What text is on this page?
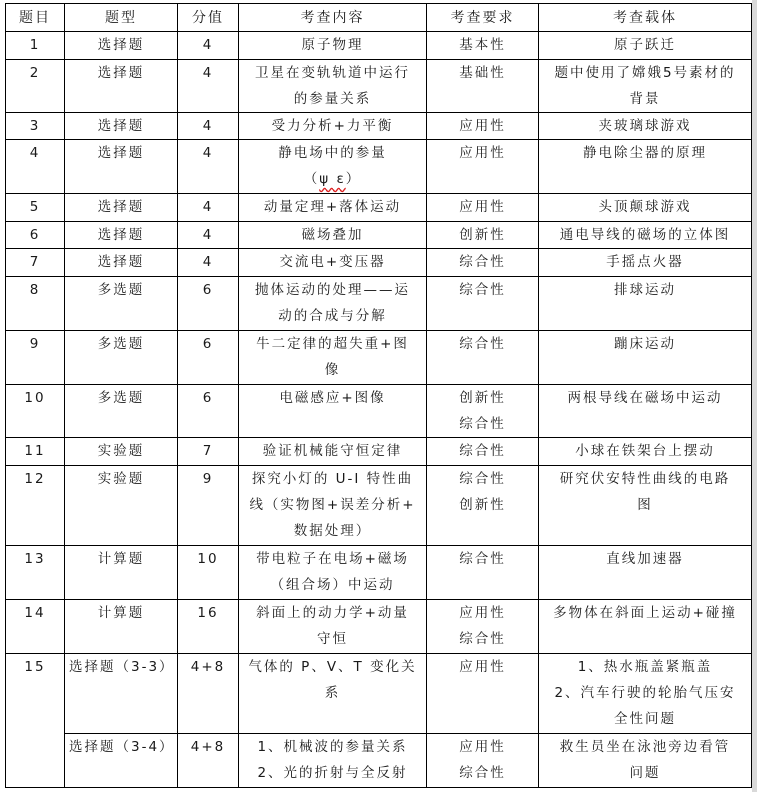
题目	题型	分值	考查内容	考查要求	考查载体
1	选择题	4	原子物理	基本性	原子跃迁

2	选择题	4	卫星在变轨轨道中运行
的参量关系	基础性	题中使用了嫦娥5号素材的
背景

3	选择题	4	受力分析+力平衡	应用性	夹玻璃球游戏

4	选择题	4	静电场中的参量
（ψ ε）	应用性	静电除尘器的原理

5	选择题	4	动量定理+落体运动	应用性	头顶颠球游戏

6	选择题	4	磁场叠加	创新性	通电导线的磁场的立体图

7	选择题	4	交流电+变压器	综合性	手摇点火器

8	多选题	6	抛体运动的处理——运
动的合成与分解	综合性	排球运动

9	多选题	6	牛二定律的超失重+图
像	综合性	蹦床运动

10	多选题	6	电磁感应+图像	创新性
综合性	两根导线在磁场中运动

11	实验题	7	验证机械能守恒定律	综合性	小球在铁架台上摆动

12	实验题	9	探究小灯的 U-I 特性曲
线（实物图+误差分析+
数据处理）	综合性
创新性	研究伏安特性曲线的电路
图

13	计算题	10	带电粒子在电场+磁场
（组合场）中运动	综合性	直线加速器

14	计算题	16	斜面上的动力学+动量
守恒	应用性
综合性	多物体在斜面上运动+碰撞

15	选择题（3-3）	4+8	气体的 P、V、T 变化关
系	应用性	1、热水瓶盖紧瓶盖
2、汽车行驶的轮胎气压安
全性问题

	选择题（3-4）	4+8	1、机械波的参量关系
2、光的折射与全反射	应用性
综合性	救生员坐在泳池旁边看管
问题
